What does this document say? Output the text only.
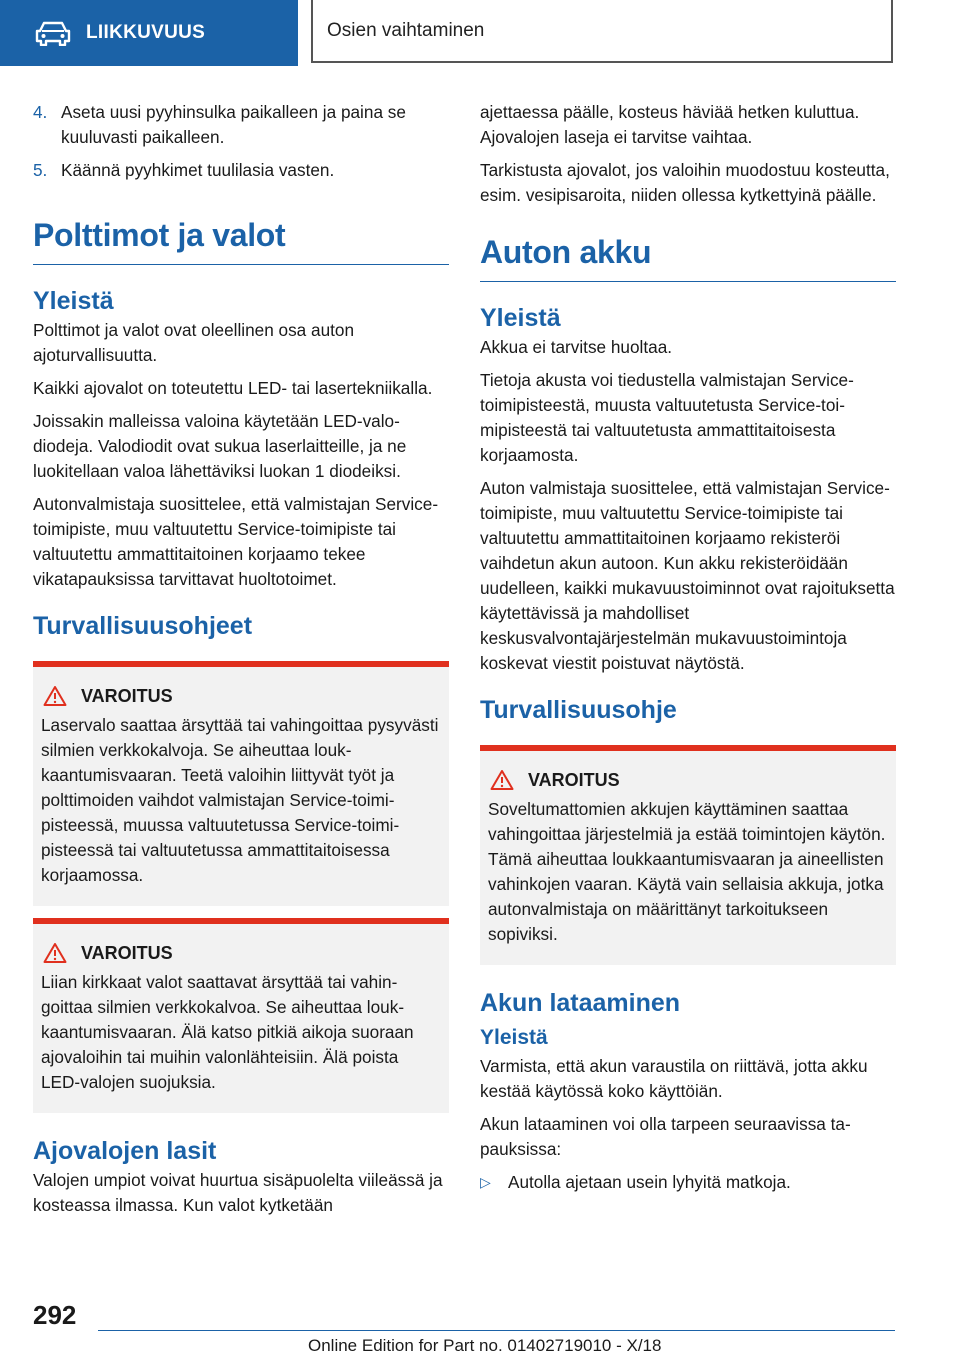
LIIKKUVUUS	Osien vaihtaminen
4. Aseta uusi pyyhinsulka paikalleen ja paina se kuuluvasti paikalleen.
5. Käännä pyyhkimet tuulilasia vasten.
Polttimot ja valot
Yleistä

Polttimot ja valot ovat oleellinen osa auton ajoturvallisuutta.

Kaikki ajovalot on toteutettu LED- tai lasertekniikalla.

Joissakin malleissa valoina käytetään LED-valodiodeja. Valodiodit ovat sukua laserlaitteille, ja ne luokitellaan valoa lähettäviksi luokan 1 diodeiksi.

Autonvalmistaja suosittelee, että valmistajan Service-toimipiste, muu valtuutettu Service-toimipiste tai valtuutettu ammattitaitoinen korjaamo tekee vikatapauksissa tarvittavat huoltotoimet.

Turvallisuusohjeet
VAROITUS

Laservalo saattaa ärsyttää tai vahingoittaa pysyvästi silmien verkkokalvoja. Se aiheuttaa loukkaantumisvaaran. Teetä valoihin liittyvät työt ja polttimoiden vaihdot valmistajan Service-toimipisteessä, muussa valtuutetussa Service-toimipisteessä tai valtuutetussa ammattitaitoisessa korjaamossa.

VAROITUS

Liian kirkkaat valot saattavat ärsyttää tai vahingoittaa silmien verkkokalvoa. Se aiheuttaa loukkaantumisvaaran. Älä katso pitkiä aikoja suoraan ajovaloihin tai muihin valonlähteisiin. Älä poista LED-valojen suojuksia.

Ajovalojen lasit

Valojen umpiot voivat huurtua sisäpuolelta viileässä ja kosteassa ilmassa. Kun valot kytketään

ajettaessa päälle, kosteus häviää hetken kuluttua. Ajovalojen laseja ei tarvitse vaihtaa.

Tarkistusta ajovalot, jos valoihin muodostuu kosteutta, esim. vesipisaroita, niiden ollessa kytkettyinä päälle.

Auton akku
Yleistä

Akkua ei tarvitse huoltaa.

Tietoja akusta voi tiedustella valmistajan Service-toimipisteestä, muusta valtuutetusta Service-toimipisteestä tai valtuutetusta ammattitaitoisesta korjaamosta.

Auton valmistaja suosittelee, että valmistajan Service-toimipiste, muu valtuutettu Service-toimipiste tai valtuutettu ammattitaitoinen korjaamo rekisteröi vaihdetun akun autoon. Kun akku rekisteröidään uudelleen, kaikki mukavuustoiminnot ovat rajoituksetta käytettävissä ja mahdolliset keskusvalvontajärjestelmän mukavuustoimintoja koskevat viestit poistuvat näytöstä.

Turvallisuusohje
VAROITUS

Soveltumattomien akkujen käyttäminen saattaa vahingoittaa järjestelmiä ja estää toimintojen käytön. Tämä aiheuttaa loukkaantumisvaaran ja aineellisten vahinkojen vaaran. Käytä vain sellaisia akkuja, jotka autonvalmistaja on määrittänyt tarkoitukseen sopiviksi.

Akun lataaminen
Yleistä

Varmista, että akun varaustila on riittävä, jotta akku kestää käytössä koko käyttöiän.

Akun lataaminen voi olla tarpeen seuraavissa tapauksissa:

▷	Autolla ajetaan usein lyhyitä matkoja.
292
Online Edition for Part no. 01402719010 - X/18
